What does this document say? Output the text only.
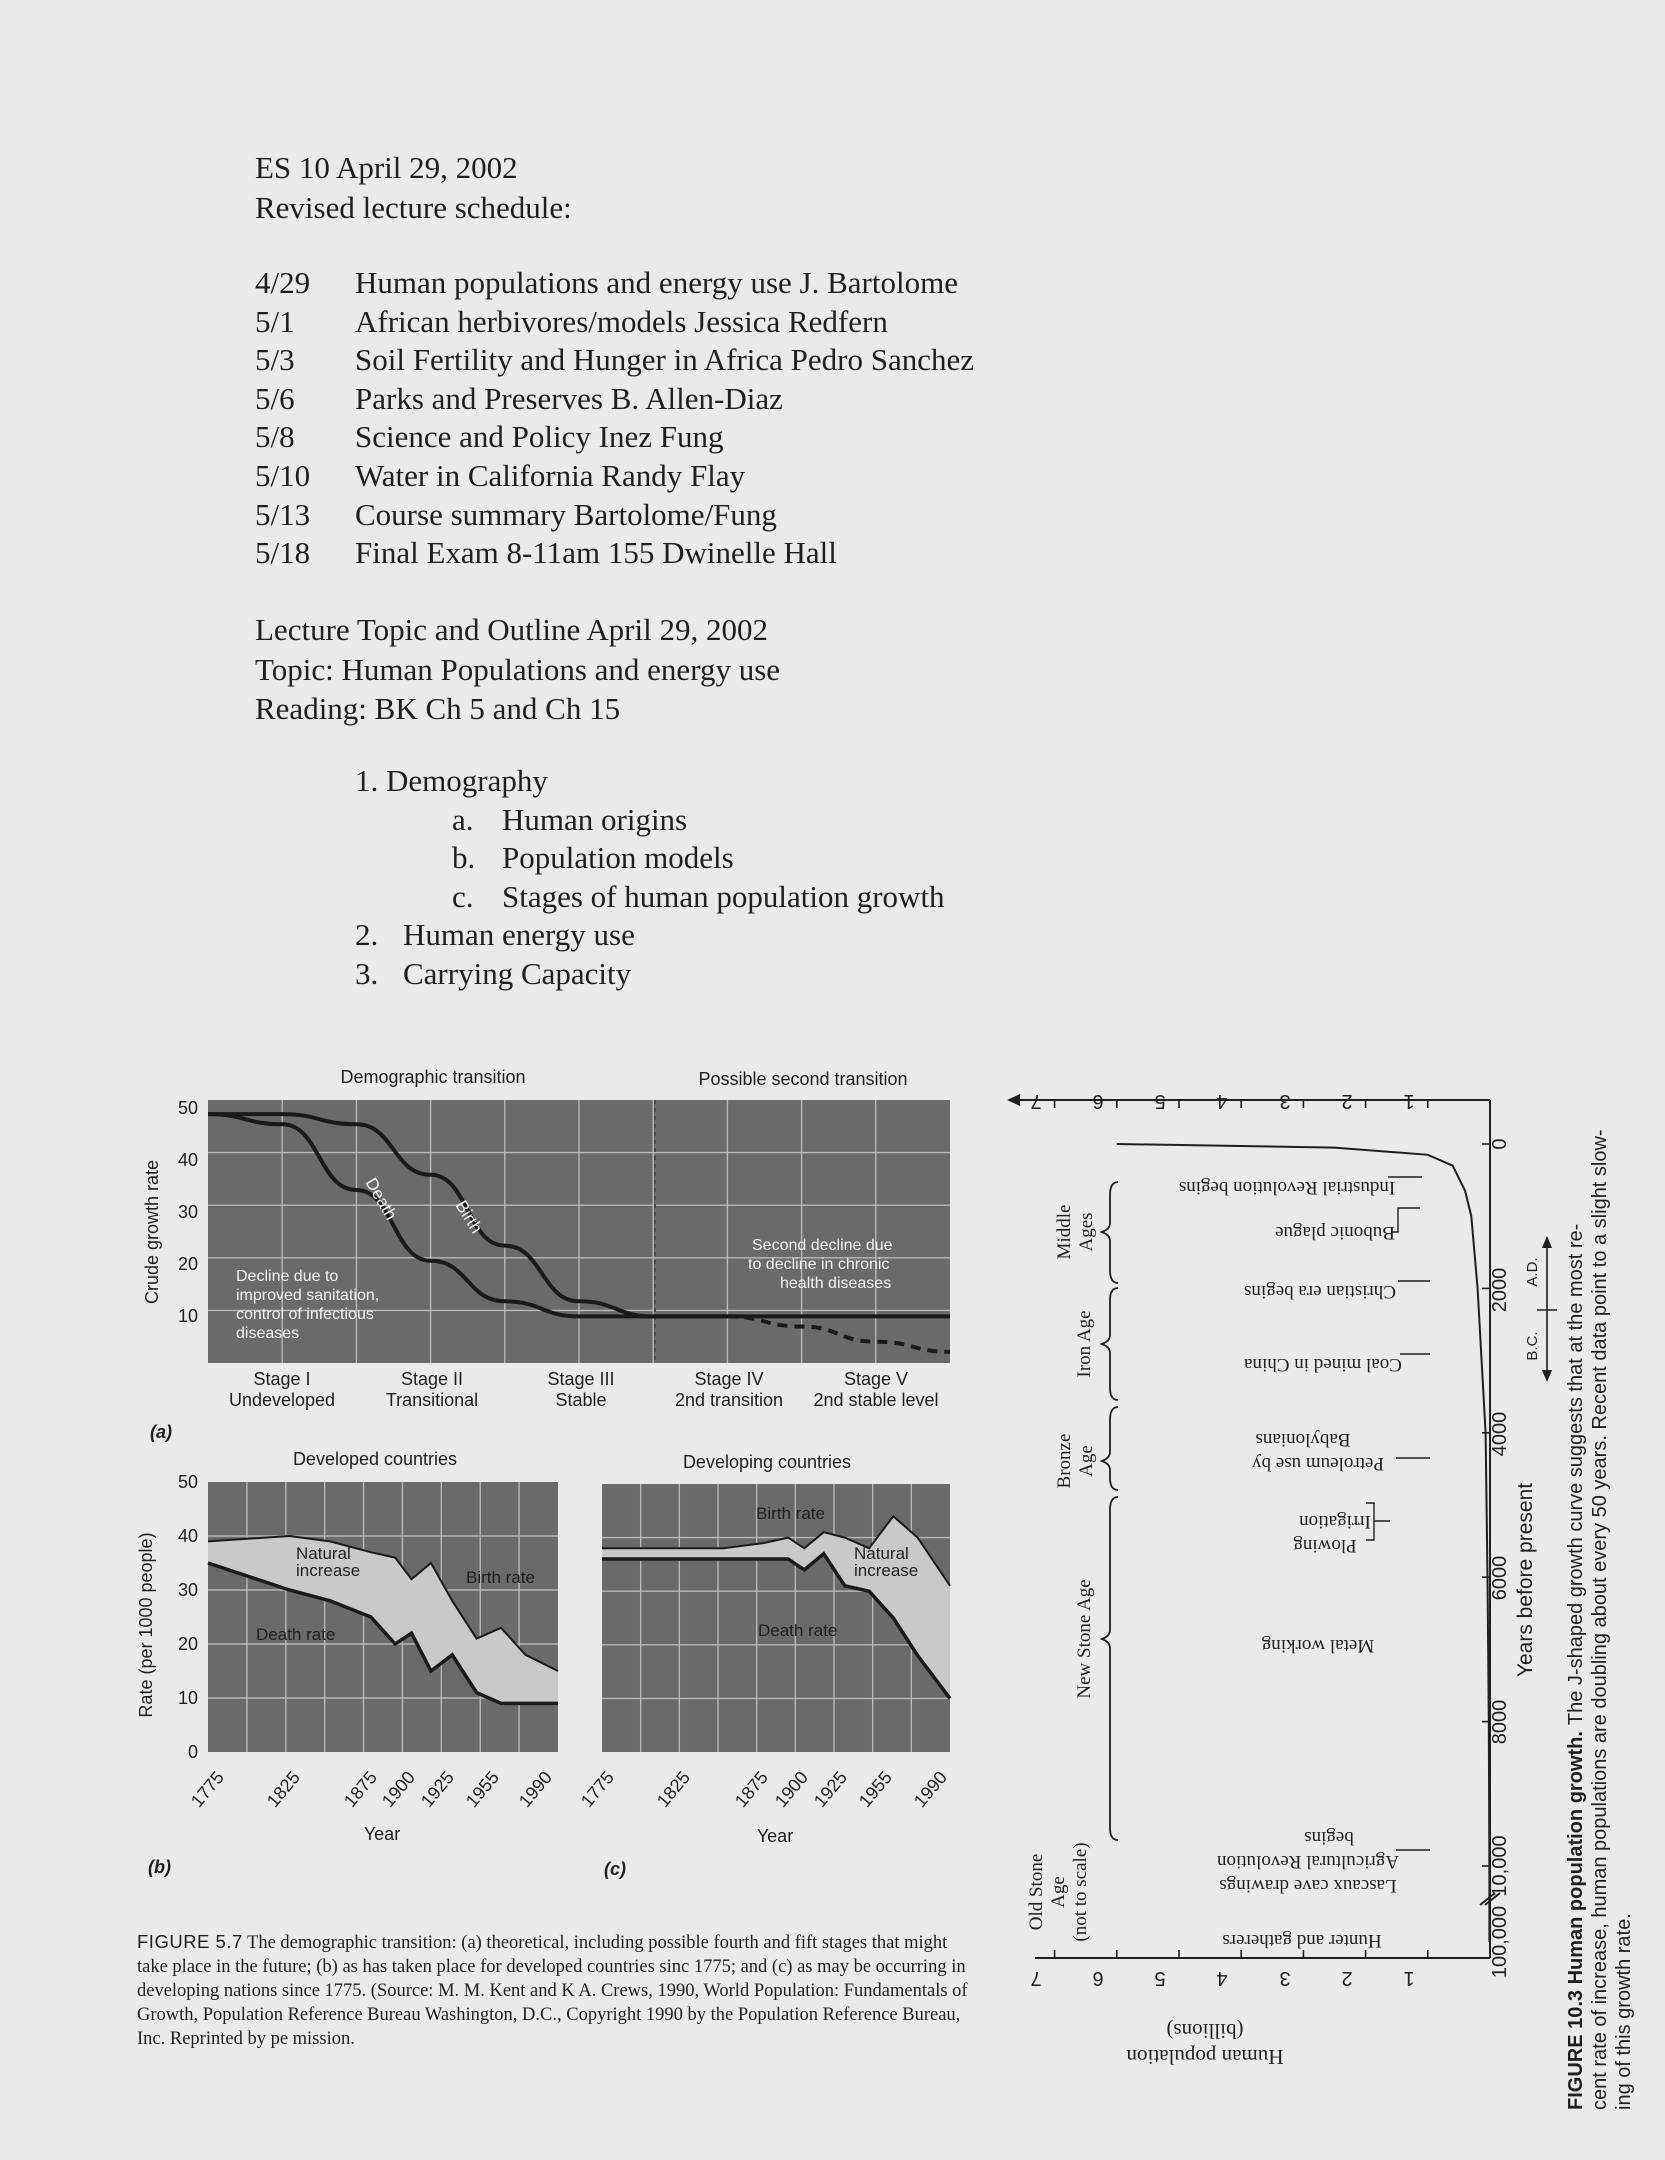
ES 10 April 29, 2002
Revised lecture schedule:
4/29 Human populations and energy use J. Bartolome
5/1 African herbivores/models Jessica Redfern
5/3 Soil Fertility and Hunger in Africa Pedro Sanchez
5/6 Parks and Preserves B. Allen-Diaz
5/8 Science and Policy Inez Fung
5/10 Water in California Randy Flay
5/13 Course summary Bartolome/Fung
5/18 Final Exam 8-11am 155 Dwinelle Hall
Lecture Topic and Outline April 29, 2002
Topic: Human Populations and energy use
Reading: BK Ch 5 and Ch 15
1. Demography
a. Human origins
b. Population models
c. Stages of human population growth
2. Human energy use
3. Carrying Capacity
Demographic transition	Possible second transition
Crude growth rate
50
40
30
20
10
Birth
Death
Decline due to improved sanitation, control of infectious diseases
Second decline due to decline in chronic health diseases
Stage I
Undeveloped
Stage II
Transitional
Stage III
Stable
Stage IV
2nd transition
Stage V
2nd stable level
(a)
Developed countries
Rate (per 1000 people)
50
40
30
20
10
0
Natural increase	Birth rate
Death rate
1775 1825 1875
1900
1925 1955 1990
Year
(b)
Developing countries
Birth rate
Natural increase
Death rate
1775 1825 1875
1900
1925 1955 1990
Year
(c)
FIGURE 5.7 The demographic transition: (a) theoretical, including possible fourth and fift stages that might take place in the future; (b) as has taken place for developed countries sinc 1775; and (c) as may be occurring in developing nations since 1775. (Source: M. M. Kent and K A. Crews, 1990, World Population: Fundamentals of Growth, Population Reference Bureau Washington, D.C., Copyright 1990 by the Population Reference Bureau, Inc. Reprinted by pe mission.
1
2
3
4
5
6
7
1
2
3
4
5
6
7
0
2000
4000
6000
8000
10,000
100,000
Years before present
A.D.
B.C.
Human population
(billions)
Middle Ages
Iron Age
Bronze Age
New Stone Age
Old Stone Age (not to scale)
Industrial Revolution begins
Bubonic plague
Christian era begins
Coal mined in China
Petroleum use by
Babylonians
Plowing
Irrigation
Metal working
Lascaux cave drawings
Agricultural Revolution
begins
Hunter and gatherers	FIGURE 10.3 Human population growth.The J-shaped growth curve suggests that at the most re- cent rate of increase, human populations are doubling about every 50 years. Recent data point to a slight slow- ing of this growth rate.
